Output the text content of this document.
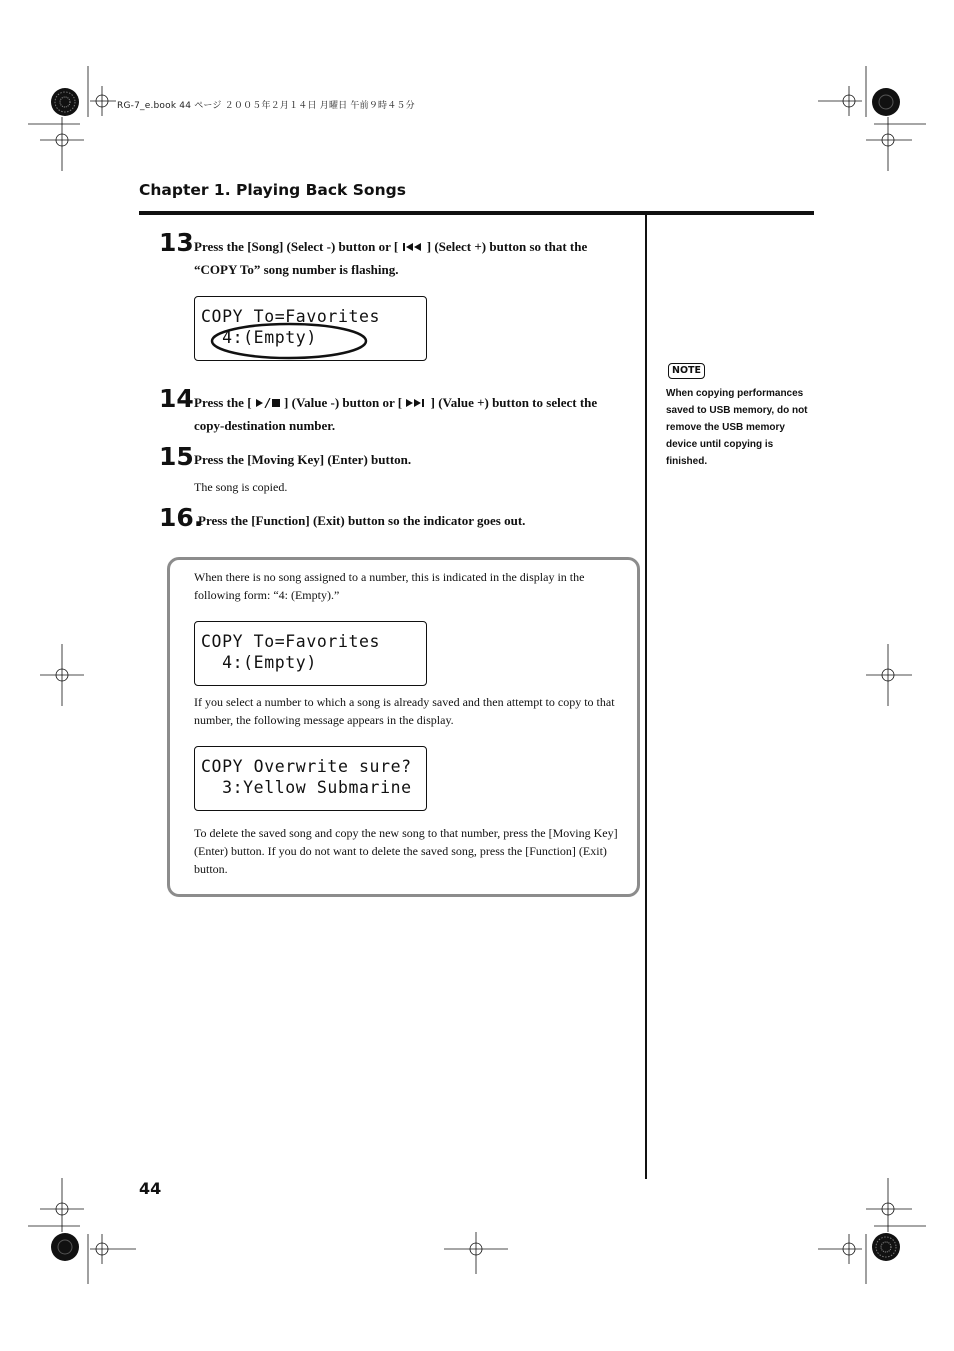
RG-7_e.book 44 ページ ２００５年２月１４日 月曜日 午前９時４５分
Chapter 1. Playing Back Songs
13 Press the [Song] (Select -) button or [  ] (Select +) button so that the
“COPY To” song number is flashing.
COPY To=Favorites
4:(Empty)
14 Press the [  ] (Value -) button or [  ] (Value +) button to select the
copy-destination number.
15 Press the [Moving Key] (Enter) button.
The song is copied.
16.
Press the [Function] (Exit) button so the indicator goes out.
When there is no song assigned to a number, this is indicated in the display in the following form: “4: (Empty).”
COPY To=Favorites
4:(Empty)
If you select a number to which a song is already saved and then attempt to copy to that number, the following message appears in the display.
COPY Overwrite sure?
3:Yellow Submarine
To delete the saved song and copy the new song to that number, press the [Moving Key] (Enter) button. If you do not want to delete the saved song, press the [Function] (Exit) button.
NOTE
When copying performances saved to USB memory, do not remove the USB memory device until copying is finished.
44
